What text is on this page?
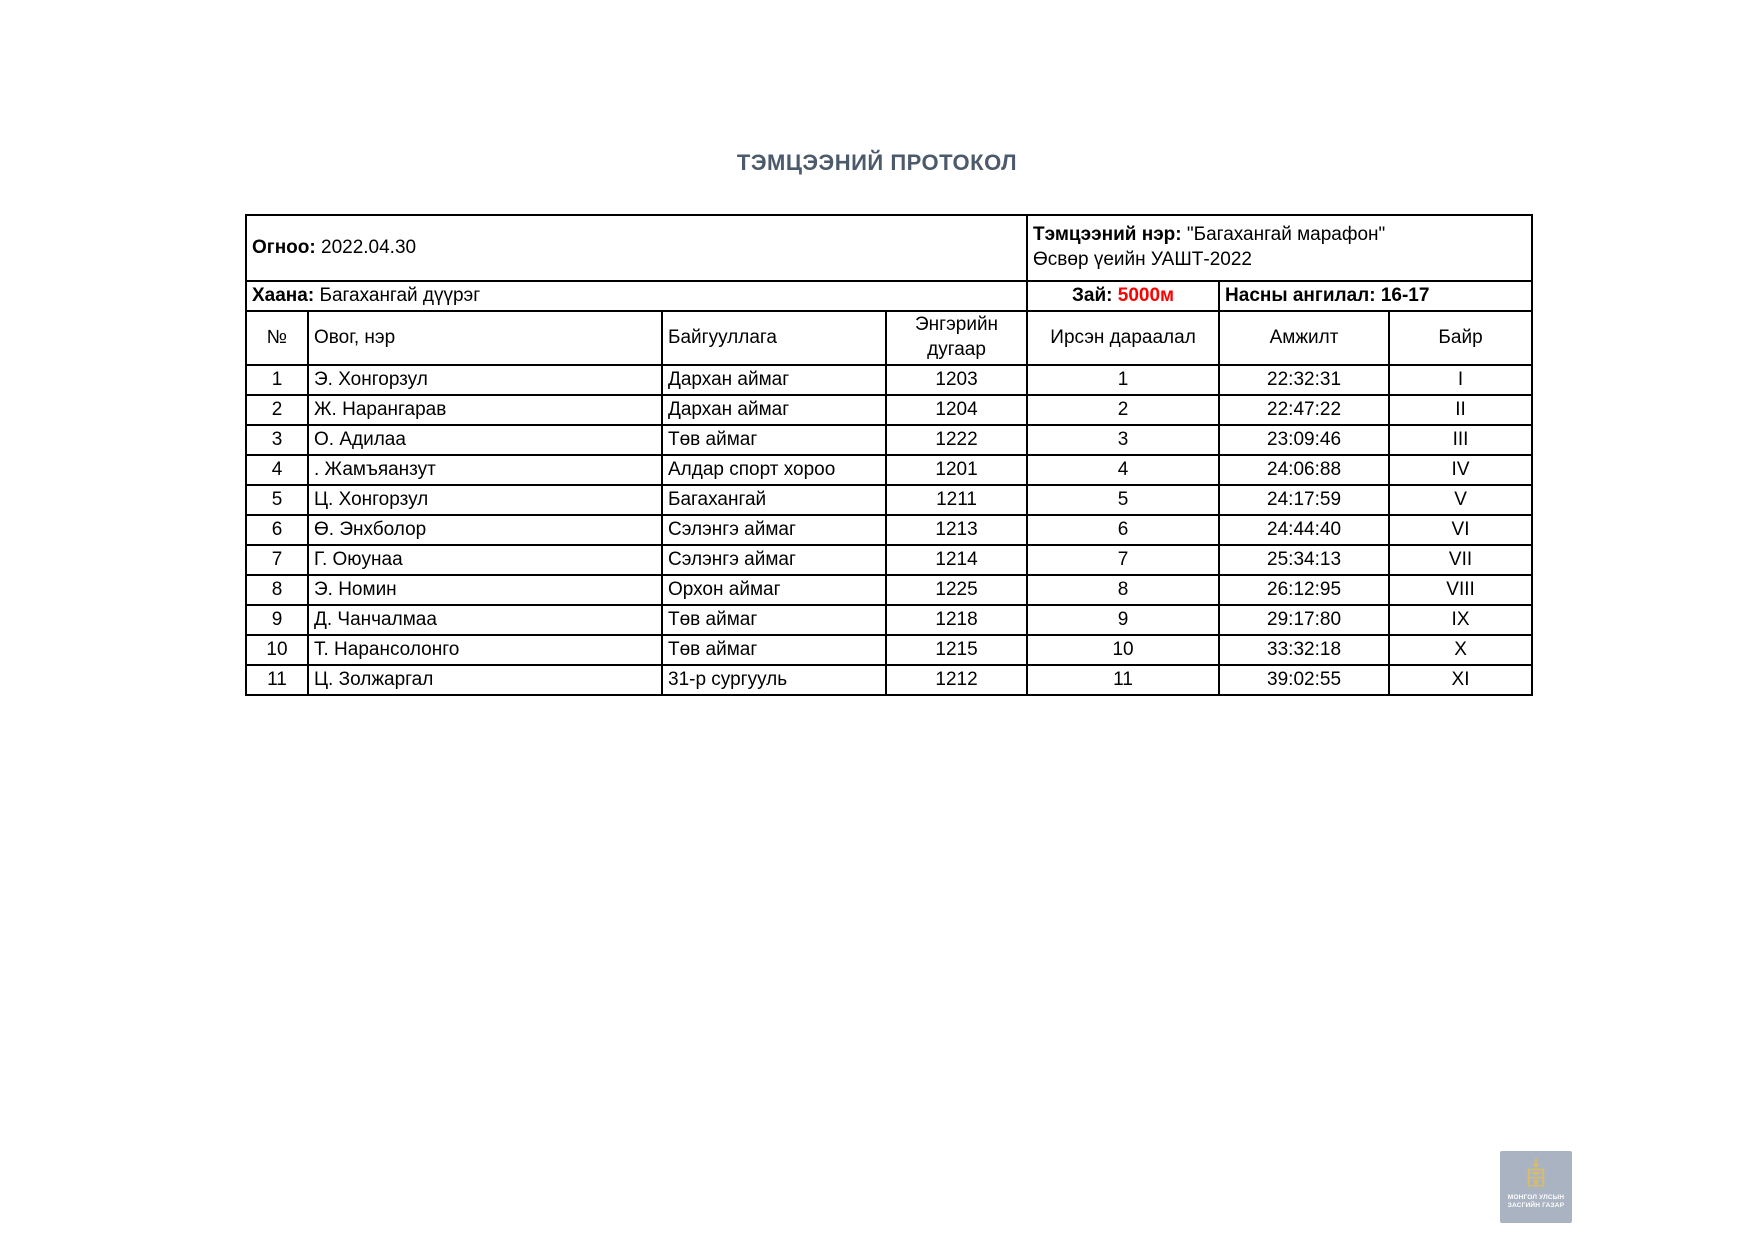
ТЭМЦЭЭНИЙ ПРОТОКОЛ
Огноо: 2022.04.30				Тэмцээний нэр: "Багахангай марафон"
Өсвөр үеийн УАШТ-2022		
Хаана: Багахангай дүүрэг				Зай: 5000м	Насны ангилал: 16-17	
№	Овог, нэр	Байгууллага	Энгэрийн дугаар	Ирсэн дараалал	Амжилт	Байр
1	Э. Хонгорзул	Дархан аймаг	1203	1	22:32:31	I
2	Ж. Нарангарав	Дархан аймаг	1204	2	22:47:22	II
3	О. Адилаа	Төв аймаг	1222	3	23:09:46	III
4	. Жамъяанзут	Алдар спорт хороо	1201	4	24:06:88	IV
5	Ц. Хонгорзул	Багахангай	1211	5	24:17:59	V
6	Ө. Энхболор	Сэлэнгэ аймаг	1213	6	24:44:40	VI
7	Г. Оюунаа	Сэлэнгэ аймаг	1214	7	25:34:13	VII
8	Э. Номин	Орхон аймаг	1225	8	26:12:95	VIII
9	Д. Чанчалмаа	Төв аймаг	1218	9	29:17:80	IX
10	Т. Нарансолонго	Төв аймаг	1215	10	33:32:18	X
11	Ц. Золжаргал	31-р сургууль	1212	11	39:02:55	XI
МОНГОЛ УЛСЫН
ЗАСГИЙН ГАЗАР
